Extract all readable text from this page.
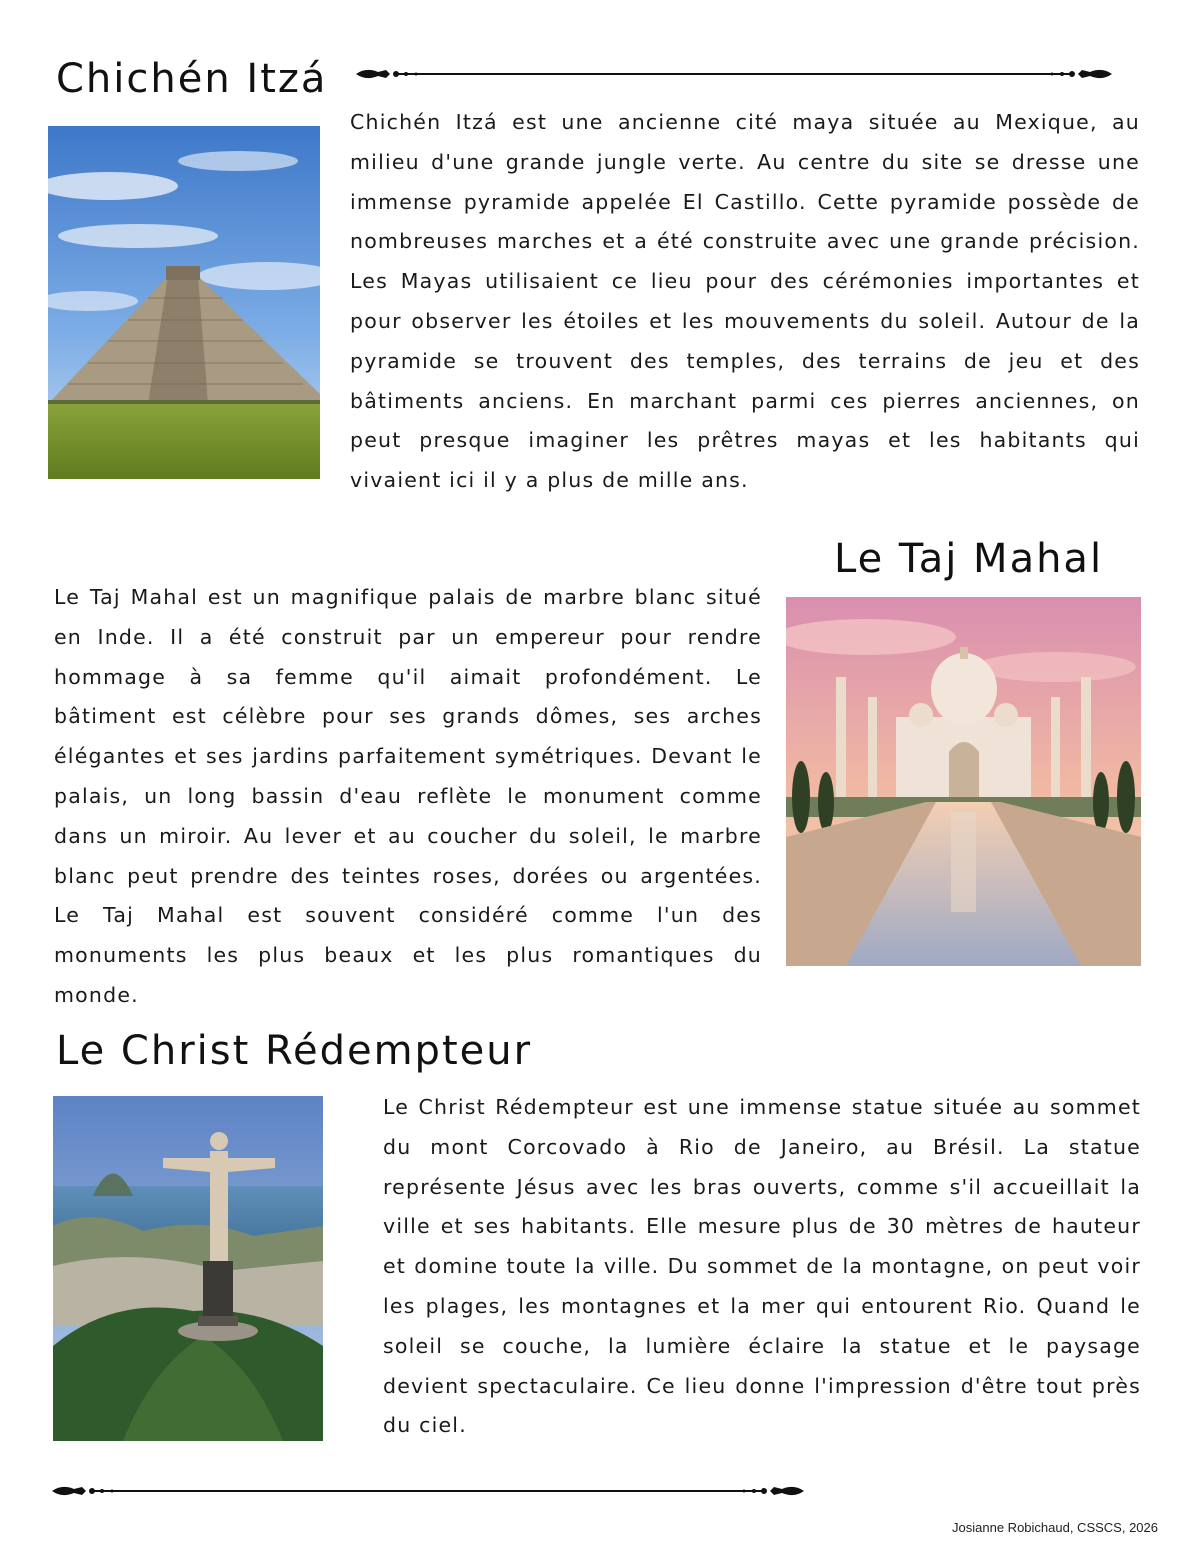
Chichén Itzá

Chichén Itzá est une ancienne cité maya située au Mexique, au milieu d'une grande jungle verte. Au centre du site se dresse une immense pyramide appelée El Castillo. Cette pyramide possède de nombreuses marches et a été construite avec une grande précision. Les Mayas utilisaient ce lieu pour des cérémonies importantes et pour observer les étoiles et les mouvements du soleil. Autour de la pyramide se trouvent des temples, des terrains de jeu et des bâtiments anciens. En marchant parmi ces pierres anciennes, on peut presque imaginer les prêtres mayas et les habitants qui vivaient ici il y a plus de mille ans.

Le Taj Mahal

Le Taj Mahal est un magnifique palais de marbre blanc situé en Inde. Il a été construit par un empereur pour rendre hommage à sa femme qu'il aimait profondément. Le bâtiment est célèbre pour ses grands dômes, ses arches élégantes et ses jardins parfaitement symétriques. Devant le palais, un long bassin d'eau reflète le monument comme dans un miroir. Au lever et au coucher du soleil, le marbre blanc peut prendre des teintes roses, dorées ou argentées. Le Taj Mahal est souvent considéré comme l'un des monuments les plus beaux et les plus romantiques du monde.

Le Christ Rédempteur

Le Christ Rédempteur est une immense statue située au sommet du mont Corcovado à Rio de Janeiro, au Brésil. La statue représente Jésus avec les bras ouverts, comme s'il accueillait la ville et ses habitants. Elle mesure plus de 30 mètres de hauteur et domine toute la ville. Du sommet de la montagne, on peut voir les plages, les montagnes et la mer qui entourent Rio. Quand le soleil se couche, la lumière éclaire la statue et le paysage devient spectaculaire. Ce lieu donne l'impression d'être tout près du ciel.

Josianne Robichaud, CSSCS, 2026
